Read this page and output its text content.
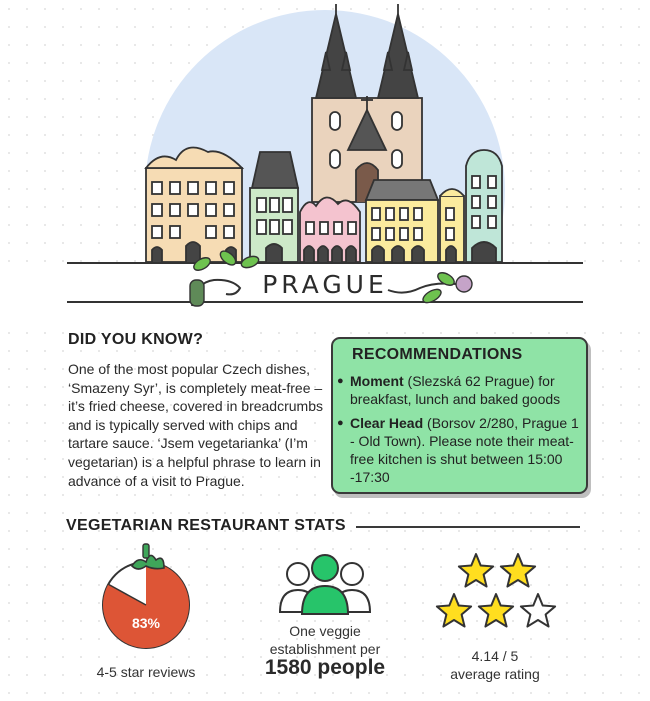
PRAGUE
DID YOU KNOW?
One of the most popular Czech dishes, ‘Smazeny Syr’, is completely meat-free – it’s fried cheese, covered in breadcrumbs and is typically served with chips and tartare sauce. ‘Jsem vegetarianka’ (I’m vegetarian) is a helpful phrase to learn in advance of a visit to Prague.
RECOMMENDATIONS
● Moment (Slezská 62 Prague) for breakfast, lunch and baked goods
● Clear Head (Borsov 2/280, Prague 1 - Old Town). Please note their meat-free kitchen is shut between 15:00 -17:30
VEGETARIAN RESTAURANT STATS
83%
4-5 star reviews
One veggie establishment per
1580 people	4.14 / 5
average rating
